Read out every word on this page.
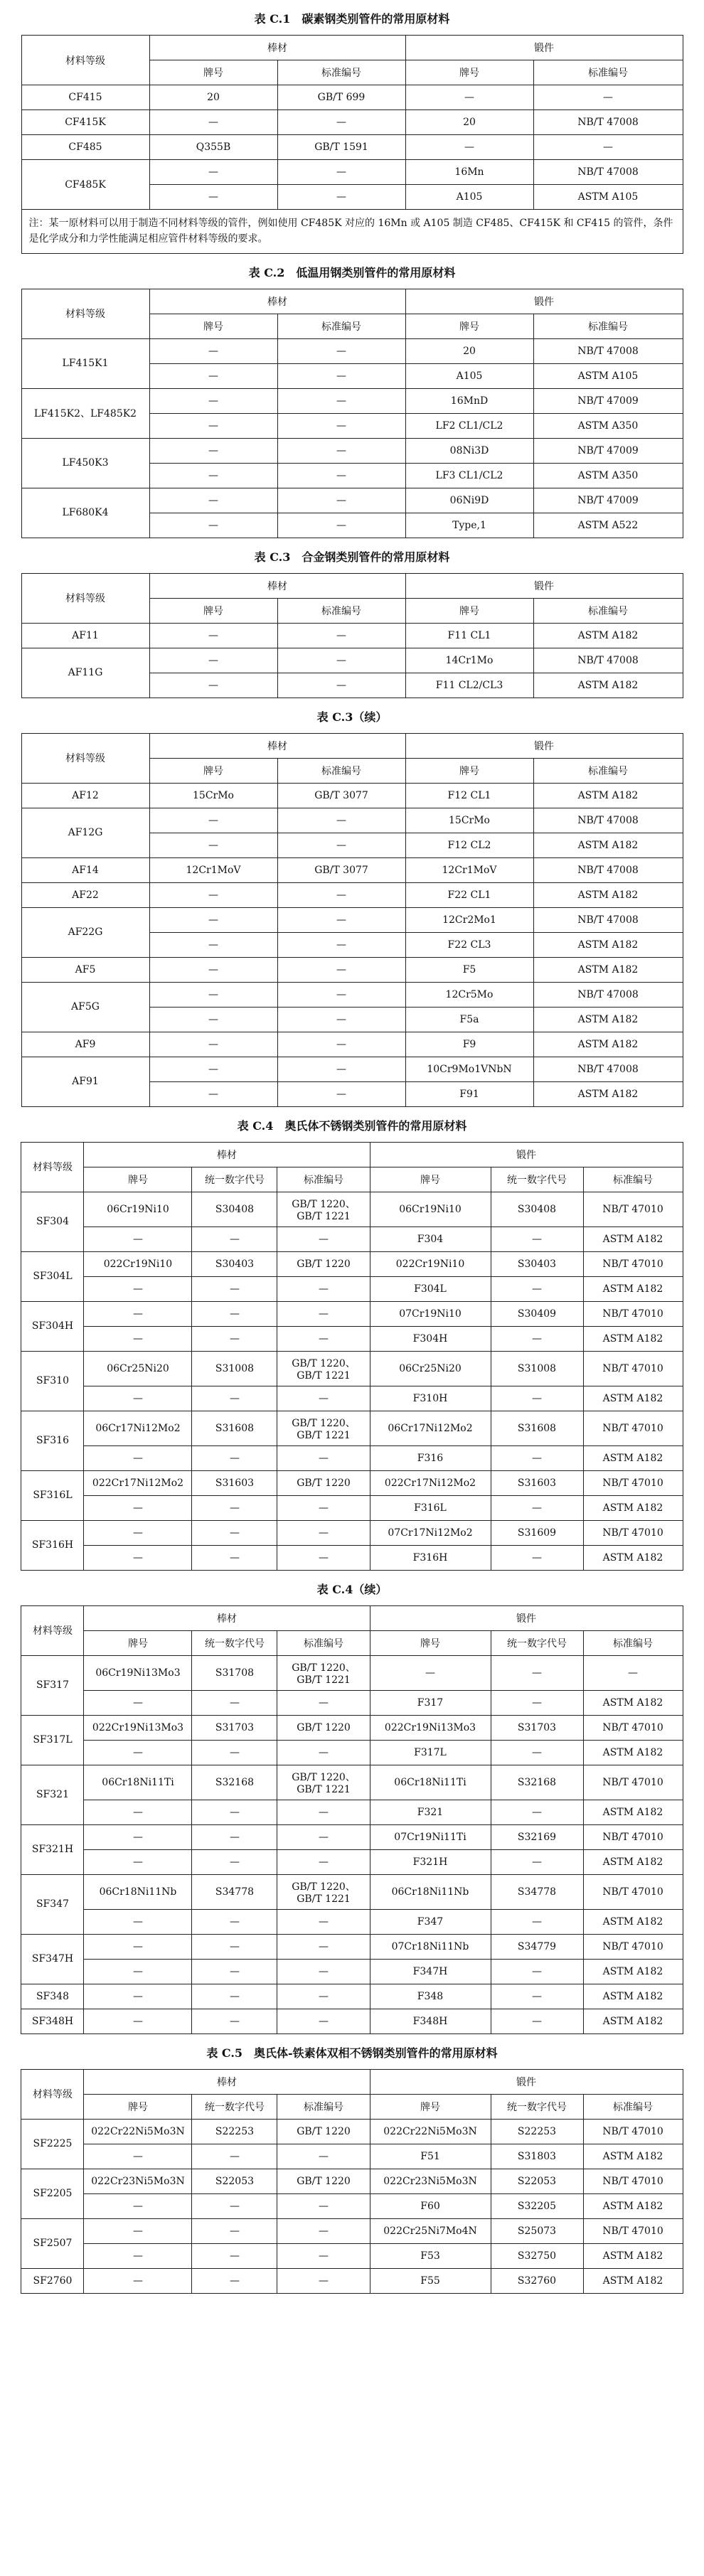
表 C.1　碳素钢类别管件的常用原材料
材料等级	棒材		锻件	
	牌号	标准编号	牌号	标准编号
CF415	20	GB/T 699	—	—
CF415K	—	—	20	NB/T 47008
CF485	Q355B	GB/T 1591	—	—
CF485K	—	—	16Mn	NB/T 47008
	—	—	A105	ASTM A105
注：某一原材料可以用于制造不同材料等级的管件，例如使用 CF485K 对应的 16Mn 或 A105 制造 CF485、CF415K 和 CF415 的管件，条件是化学成分和力学性能满足相应管件材料等级的要求。				
表 C.2　低温用钢类别管件的常用原材料
材料等级	棒材		锻件	
	牌号	标准编号	牌号	标准编号
LF415K1	—	—	20	NB/T 47008
	—	—	A105	ASTM A105
LF415K2、LF485K2	—	—	16MnD	NB/T 47009
	—	—	LF2 CL1/CL2	ASTM A350
LF450K3	—	—	08Ni3D	NB/T 47009
	—	—	LF3 CL1/CL2	ASTM A350
LF680K4	—	—	06Ni9D	NB/T 47009
	—	—	Type,1	ASTM A522
表 C.3　合金钢类别管件的常用原材料
材料等级	棒材		锻件	
	牌号	标准编号	牌号	标准编号
AF11	—	—	F11 CL1	ASTM A182
AF11G	—	—	14Cr1Mo	NB/T 47008
	—	—	F11 CL2/CL3	ASTM A182
表 C.3（续）
材料等级	棒材		锻件	
	牌号	标准编号	牌号	标准编号
AF12	15CrMo	GB/T 3077	F12 CL1	ASTM A182
AF12G	—	—	15CrMo	NB/T 47008
	—	—	F12 CL2	ASTM A182
AF14	12Cr1MoV	GB/T 3077	12Cr1MoV	NB/T 47008
AF22	—	—	F22 CL1	ASTM A182
AF22G	—	—	12Cr2Mo1	NB/T 47008
	—	—	F22 CL3	ASTM A182
AF5	—	—	F5	ASTM A182
AF5G	—	—	12Cr5Mo	NB/T 47008
	—	—	F5a	ASTM A182
AF9	—	—	F9	ASTM A182
AF91	—	—	10Cr9Mo1VNbN	NB/T 47008
	—	—	F91	ASTM A182
表 C.4　奥氏体不锈钢类别管件的常用原材料
材料等级	棒材			锻件		
	牌号	统一数字代号	标准编号	牌号	统一数字代号	标准编号
SF304	06Cr19Ni10	S30408	GB/T 1220、GB/T 1221	06Cr19Ni10	S30408	NB/T 47010
	—	—	—	F304	—	ASTM A182
SF304L	022Cr19Ni10	S30403	GB/T 1220	022Cr19Ni10	S30403	NB/T 47010
	—	—	—	F304L	—	ASTM A182
SF304H	—	—	—	07Cr19Ni10	S30409	NB/T 47010
	—	—	—	F304H	—	ASTM A182
SF310	06Cr25Ni20	S31008	GB/T 1220、GB/T 1221	06Cr25Ni20	S31008	NB/T 47010
	—	—	—	F310H	—	ASTM A182
SF316	06Cr17Ni12Mo2	S31608	GB/T 1220、GB/T 1221	06Cr17Ni12Mo2	S31608	NB/T 47010
	—	—	—	F316	—	ASTM A182
SF316L	022Cr17Ni12Mo2	S31603	GB/T 1220	022Cr17Ni12Mo2	S31603	NB/T 47010
	—	—	—	F316L	—	ASTM A182
SF316H	—	—	—	07Cr17Ni12Mo2	S31609	NB/T 47010
	—	—	—	F316H	—	ASTM A182
表 C.4（续）
材料等级	棒材			锻件		
	牌号	统一数字代号	标准编号	牌号	统一数字代号	标准编号
SF317	06Cr19Ni13Mo3	S31708	GB/T 1220、GB/T 1221	—	—	—
	—	—	—	F317	—	ASTM A182
SF317L	022Cr19Ni13Mo3	S31703	GB/T 1220	022Cr19Ni13Mo3	S31703	NB/T 47010
	—	—	—	F317L	—	ASTM A182
SF321	06Cr18Ni11Ti	S32168	GB/T 1220、GB/T 1221	06Cr18Ni11Ti	S32168	NB/T 47010
	—	—	—	F321	—	ASTM A182
SF321H	—	—	—	07Cr19Ni11Ti	S32169	NB/T 47010
	—	—	—	F321H	—	ASTM A182
SF347	06Cr18Ni11Nb	S34778	GB/T 1220、GB/T 1221	06Cr18Ni11Nb	S34778	NB/T 47010
	—	—	—	F347	—	ASTM A182
SF347H	—	—	—	07Cr18Ni11Nb	S34779	NB/T 47010
	—	—	—	F347H	—	ASTM A182
SF348	—	—	—	F348	—	ASTM A182
SF348H	—	—	—	F348H	—	ASTM A182
表 C.5　奥氏体-铁素体双相不锈钢类别管件的常用原材料
材料等级	棒材			锻件		
	牌号	统一数字代号	标准编号	牌号	统一数字代号	标准编号
SF2225	022Cr22Ni5Mo3N	S22253	GB/T 1220	022Cr22Ni5Mo3N	S22253	NB/T 47010
	—	—	—	F51	S31803	ASTM A182
SF2205	022Cr23Ni5Mo3N	S22053	GB/T 1220	022Cr23Ni5Mo3N	S22053	NB/T 47010
	—	—	—	F60	S32205	ASTM A182
SF2507	—	—	—	022Cr25Ni7Mo4N	S25073	NB/T 47010
	—	—	—	F53	S32750	ASTM A182
SF2760	—	—	—	F55	S32760	ASTM A182
